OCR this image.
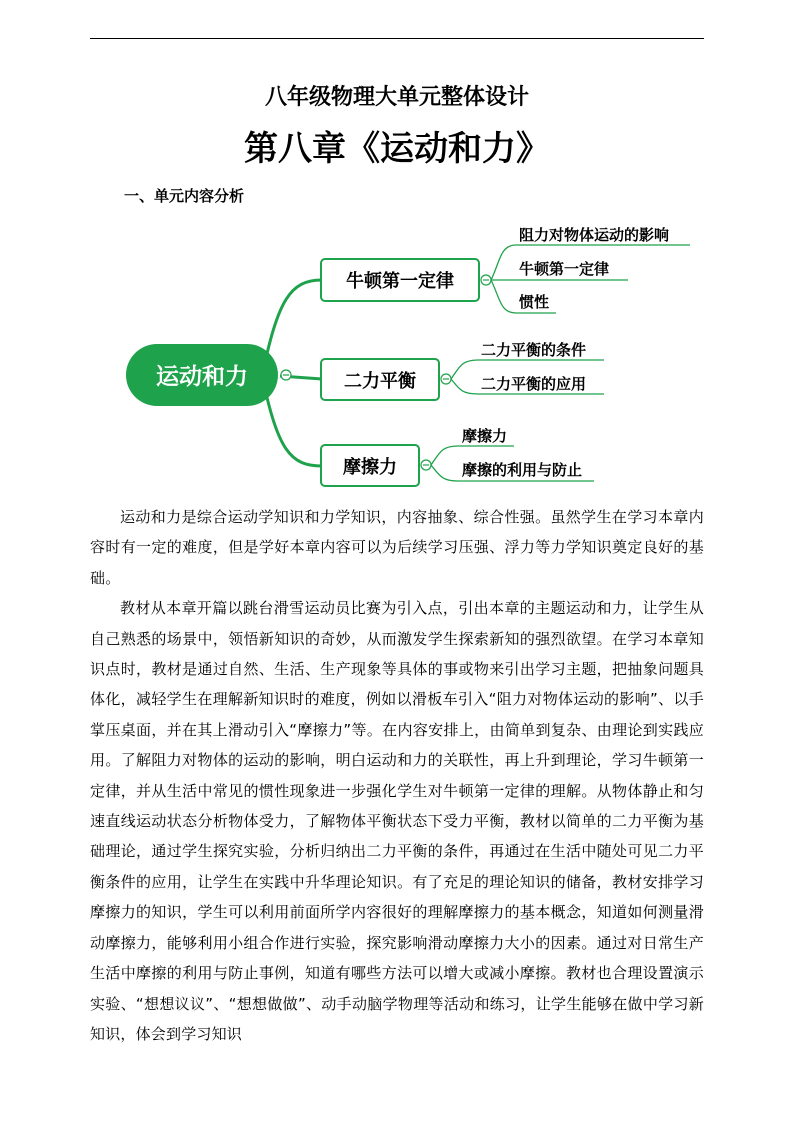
八年级物理大单元整体设计
第八章《运动和力》
一、单元内容分析
运动和力
牛顿第一定律
阻力对物体运动的影响
牛顿第一定律
惯性
二力平衡
二力平衡的条件
二力平衡的应用
摩擦力
摩擦力
摩擦的利用与防止

运动和力是综合运动学知识和力学知识，内容抽象、综合性强。虽然学生在学习本章内容时有一定的难度，但是学好本章内容可以为后续学习压强、浮力等力学知识奠定良好的基础。

教材从本章开篇以跳台滑雪运动员比赛为引入点，引出本章的主题运动和力，让学生从自己熟悉的场景中，领悟新知识的奇妙，从而激发学生探索新知的强烈欲望。在学习本章知识点时，教材是通过自然、生活、生产现象等具体的事或物来引出学习主题，把抽象问题具体化，减轻学生在理解新知识时的难度，例如以滑板车引入“阻力对物体运动的影响”、以手掌压桌面，并在其上滑动引入“摩擦力”等。在内容安排上，由简单到复杂、由理论到实践应用。了解阻力对物体的运动的影响，明白运动和力的关联性，再上升到理论，学习牛顿第一定律，并从生活中常见的惯性现象进一步强化学生对牛顿第一定律的理解。从物体静止和匀速直线运动状态分析物体受力，了解物体平衡状态下受力平衡，教材以简单的二力平衡为基础理论，通过学生探究实验，分析归纳出二力平衡的条件，再通过在生活中随处可见二力平衡条件的应用，让学生在实践中升华理论知识。有了充足的理论知识的储备，教材安排学习摩擦力的知识，学生可以利用前面所学内容很好的理解摩擦力的基本概念，知道如何测量滑动摩擦力，能够利用小组合作进行实验，探究影响滑动摩擦力大小的因素。通过对日常生产生活中摩擦的利用与防止事例，知道有哪些方法可以增大或减小摩擦。教材也合理设置演示实验、“想想议议”、“想想做做”、动手动脑学物理等活动和练习，让学生能够在做中学习新知识，体会到学习知识
